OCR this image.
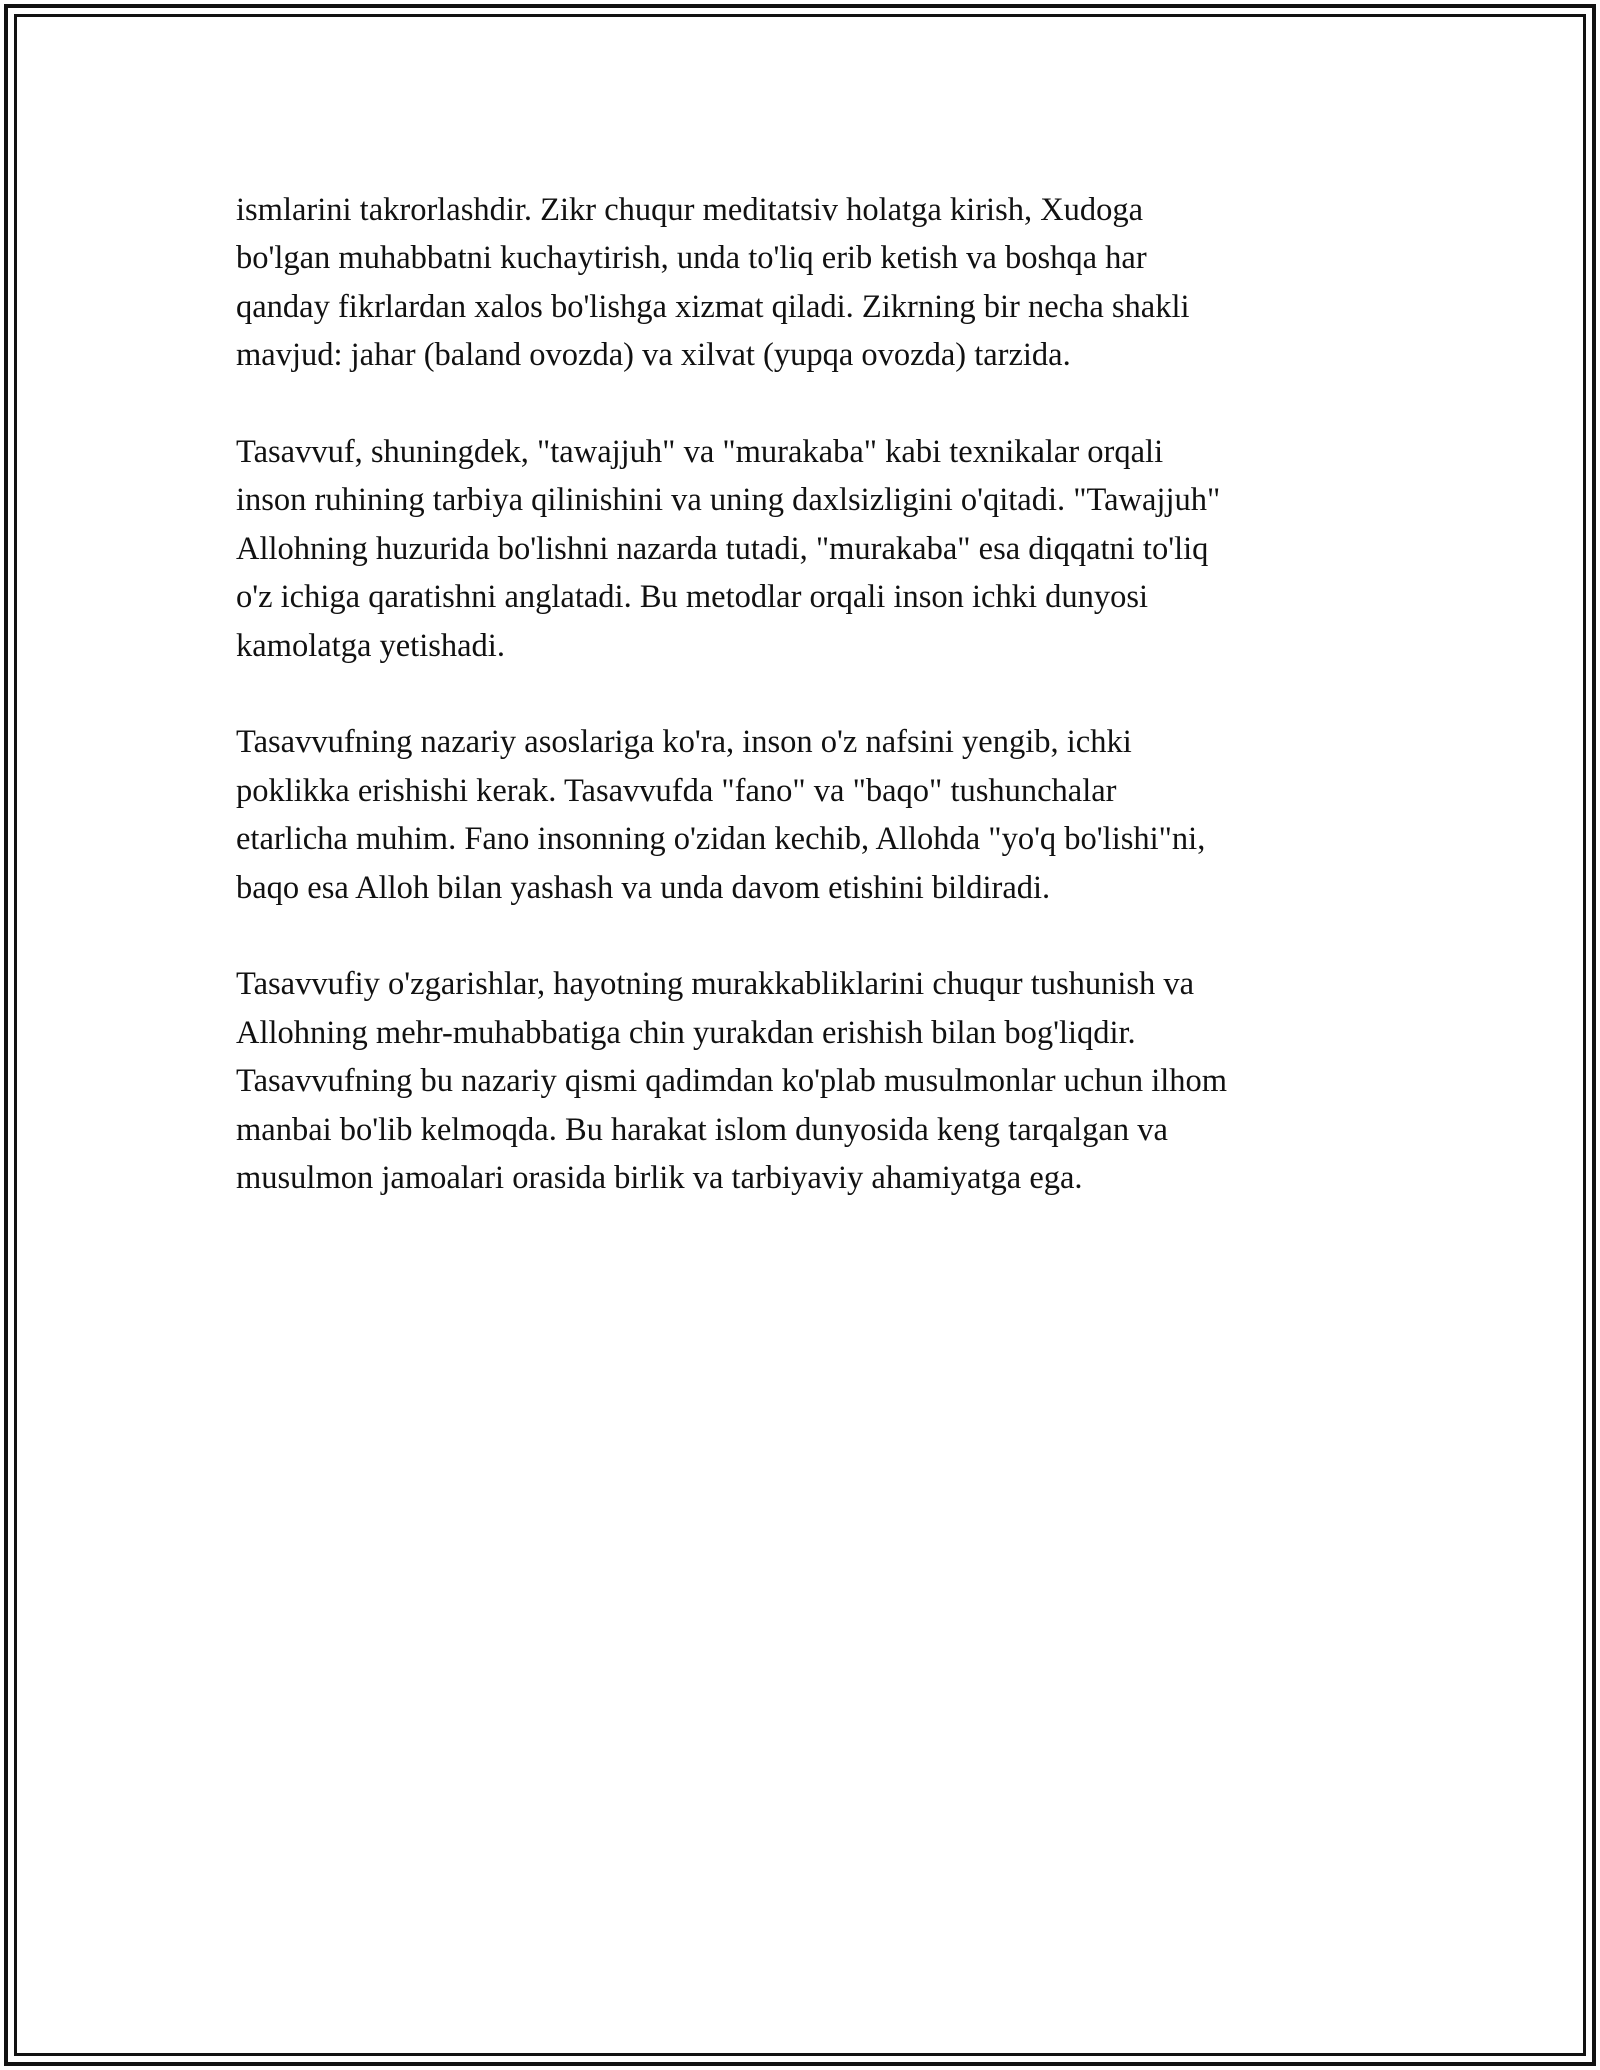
ismlarini takrorlashdir. Zikr chuqur meditatsiv holatga kirish, Xudoga
bo'lgan muhabbatni kuchaytirish, unda to'liq erib ketish va boshqa har
qanday fikrlardan xalos bo'lishga xizmat qiladi. Zikrning bir necha shakli
mavjud: jahar (baland ovozda) va xilvat (yupqa ovozda) tarzida.

Tasavvuf, shuningdek, "tawajjuh" va "murakaba" kabi texnikalar orqali
inson ruhining tarbiya qilinishini va uning daxlsizligini o'qitadi. "Tawajjuh"
Allohning huzurida bo'lishni nazarda tutadi, "murakaba" esa diqqatni to'liq
o'z ichiga qaratishni anglatadi. Bu metodlar orqali inson ichki dunyosi
kamolatga yetishadi.

Tasavvufning nazariy asoslariga ko'ra, inson o'z nafsini yengib, ichki
poklikka erishishi kerak. Tasavvufda "fano" va "baqo" tushunchalar
etarlicha muhim. Fano insonning o'zidan kechib, Allohda "yo'q bo'lishi"ni,
baqo esa Alloh bilan yashash va unda davom etishini bildiradi.

Tasavvufiy o'zgarishlar, hayotning murakkabliklarini chuqur tushunish va
Allohning mehr-muhabbatiga chin yurakdan erishish bilan bog'liqdir.
Tasavvufning bu nazariy qismi qadimdan ko'plab musulmonlar uchun ilhom
manbai bo'lib kelmoqda. Bu harakat islom dunyosida keng tarqalgan va
musulmon jamoalari orasida birlik va tarbiyaviy ahamiyatga ega.
